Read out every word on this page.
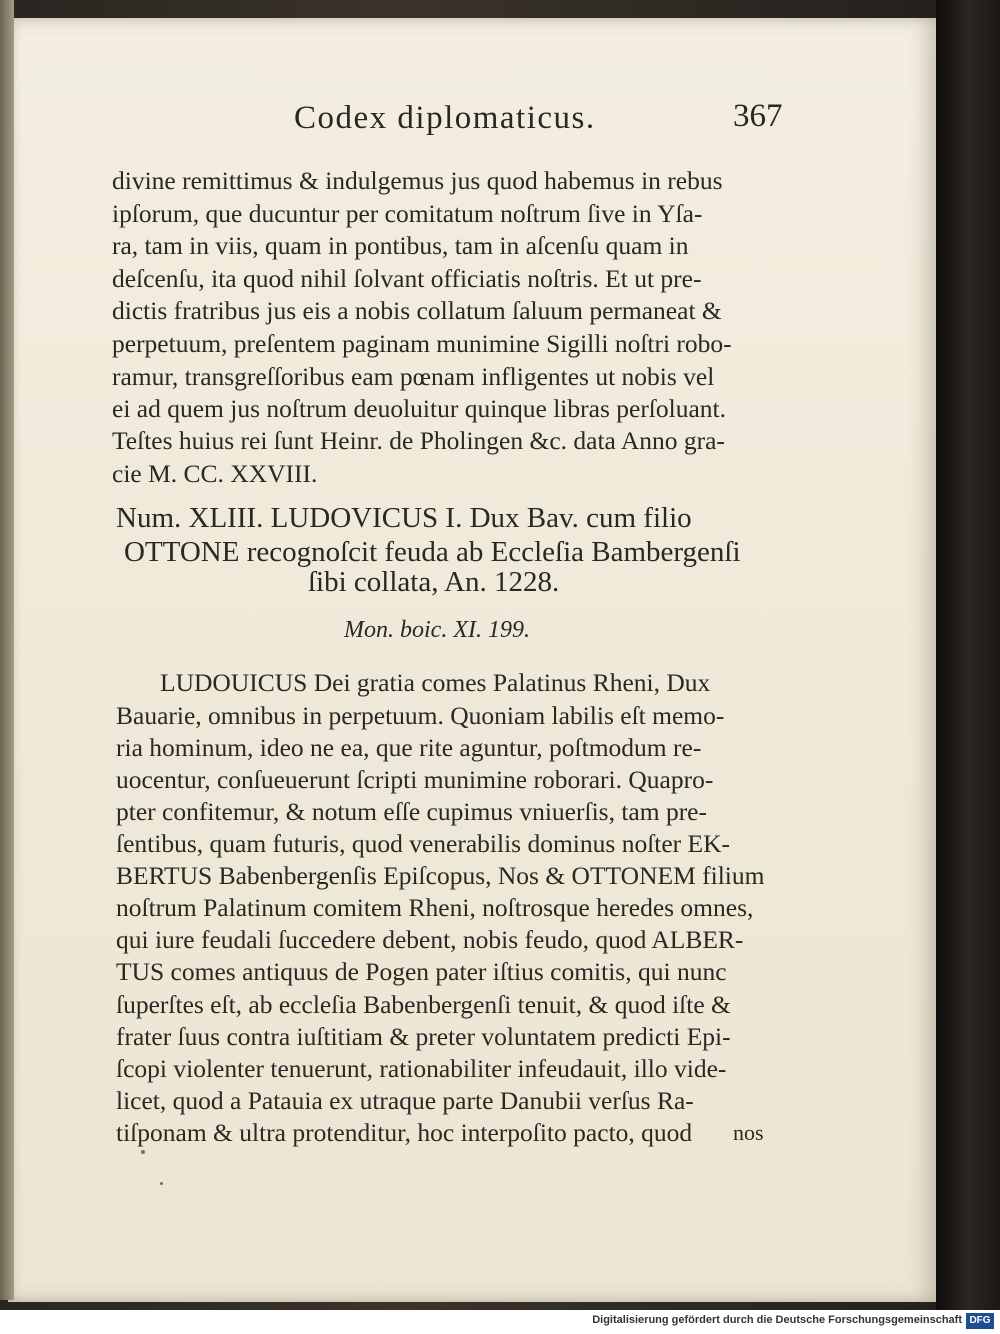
Codex diplomaticus.	367
divine remittimus & indulgemus jus quod habemus in rebus
ipſorum, que ducuntur per comitatum noſtrum ſive in Yſa-
ra, tam in viis, quam in pontibus, tam in aſcenſu quam in
deſcenſu, ita quod nihil ſolvant officiatis noſtris. Et ut pre-
dictis fratribus jus eis a nobis collatum ſaluum permaneat &
perpetuum, preſentem paginam munimine Sigilli noſtri robo-
ramur, transgreſſoribus eam pœnam infligentes ut nobis vel
ei ad quem jus noſtrum deuoluitur quinque libras perſoluant.
Teſtes huius rei ſunt Heinr. de Pholingen &c. data Anno gra-
cie M. CC. XXVIII.
Num. XLIII. LUDOVICUS I. Dux Bav. cum filio
OTTONE recognoſcit feuda ab Eccleſia Bambergenſi
ſibi collata, An. 1228.
Mon. boic. XI. 199.
LUDOUICUS Dei gratia comes Palatinus Rheni, Dux
Bauarie, omnibus in perpetuum. Quoniam labilis eſt memo-
ria hominum, ideo ne ea, que rite aguntur, poſtmodum re-
uocentur, conſueuerunt ſcripti munimine roborari. Quapro-
pter confitemur, & notum eſſe cupimus vniuerſis, tam pre-
ſentibus, quam futuris, quod venerabilis dominus noſter EK-
BERTUS Babenbergenſis Epiſcopus, Nos & OTTONEM filium
noſtrum Palatinum comitem Rheni, noſtrosque heredes omnes,
qui iure feudali ſuccedere debent, nobis feudo, quod ALBER-
TUS comes antiquus de Pogen pater iſtius comitis, qui nunc
ſuperſtes eſt, ab eccleſia Babenbergenſi tenuit, & quod iſte &
frater ſuus contra iuſtitiam & preter voluntatem predicti Epi-
ſcopi violenter tenuerunt, rationabiliter infeudauit, illo vide-
licet, quod a Patauia ex utraque parte Danubii verſus Ra-
tiſponam & ultra protenditur, hoc interpoſito pacto, quod nos
Digitalisierung gefördert durch die Deutsche Forschungsgemeinschaft DFG
